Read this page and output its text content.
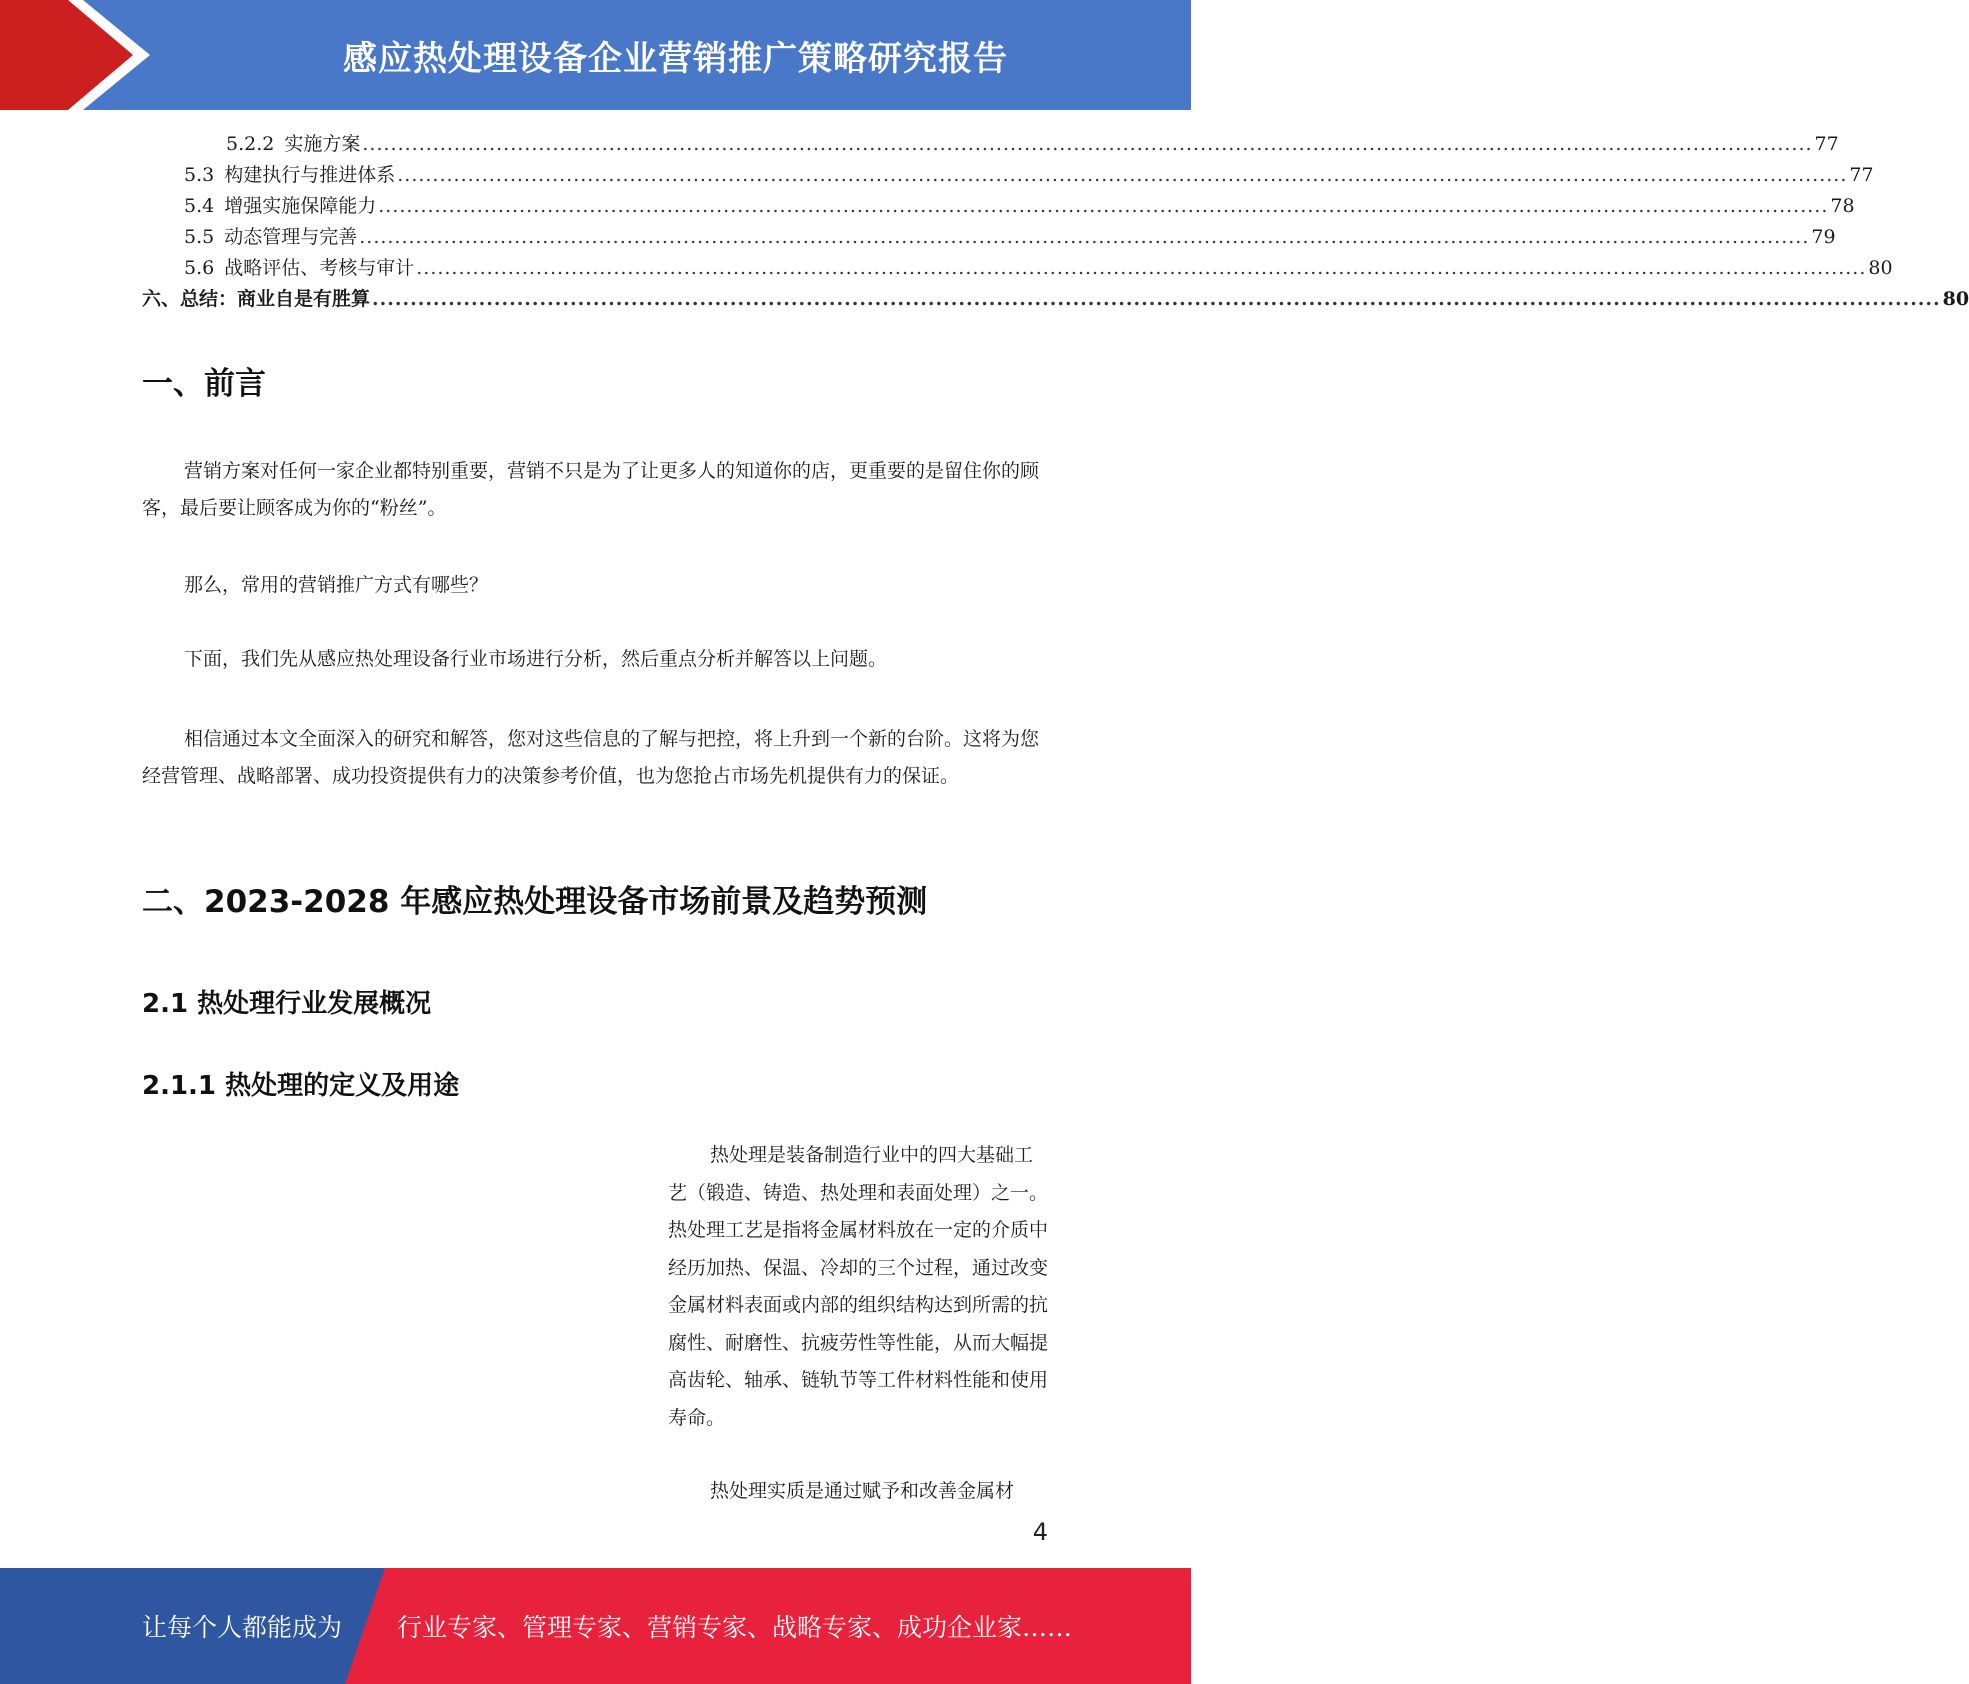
感应热处理设备企业营销推广策略研究报告
5.2.2 实施方案 .............................................................................................................................................................................................................. 77
5.3 构建执行与推进体系 .............................................................................................................................................................................................................. 77
5.4 增强实施保障能力 .............................................................................................................................................................................................................. 78
5.5 动态管理与完善 .............................................................................................................................................................................................................. 79
5.6 战略评估、考核与审计 .............................................................................................................................................................................................................. 80
六、总结：商业自是有胜算 .............................................................................................................................................................................................................. 80
一、前言

营销方案对任何一家企业都特别重要，营销不只是为了让更多人的知道你的店，更重要的是留住你的顾客，最后要让顾客成为你的“粉丝”。

那么，常用的营销推广方式有哪些？

下面，我们先从感应热处理设备行业市场进行分析，然后重点分析并解答以上问题。

相信通过本文全面深入的研究和解答，您对这些信息的了解与把控，将上升到一个新的台阶。这将为您经营管理、战略部署、成功投资提供有力的决策参考价值，也为您抢占市场先机提供有力的保证。

二、2023-2028 年感应热处理设备市场前景及趋势预测
2.1 热处理行业发展概况
2.1.1 热处理的定义及用途

热处理是装备制造行业中的四大基础工艺（锻造、铸造、热处理和表面处理）之一。热处理工艺是指将金属材料放在一定的介质中经历加热、保温、冷却的三个过程，通过改变金属材料表面或内部的组织结构达到所需的抗腐性、耐磨性、抗疲劳性等性能，从而大幅提高齿轮、轴承、链轨节等工件材料性能和使用寿命。

热处理实质是通过赋予和改善金属材

4
让每个人都能成为 行业专家、管理专家、营销专家、战略专家、成功企业家……
